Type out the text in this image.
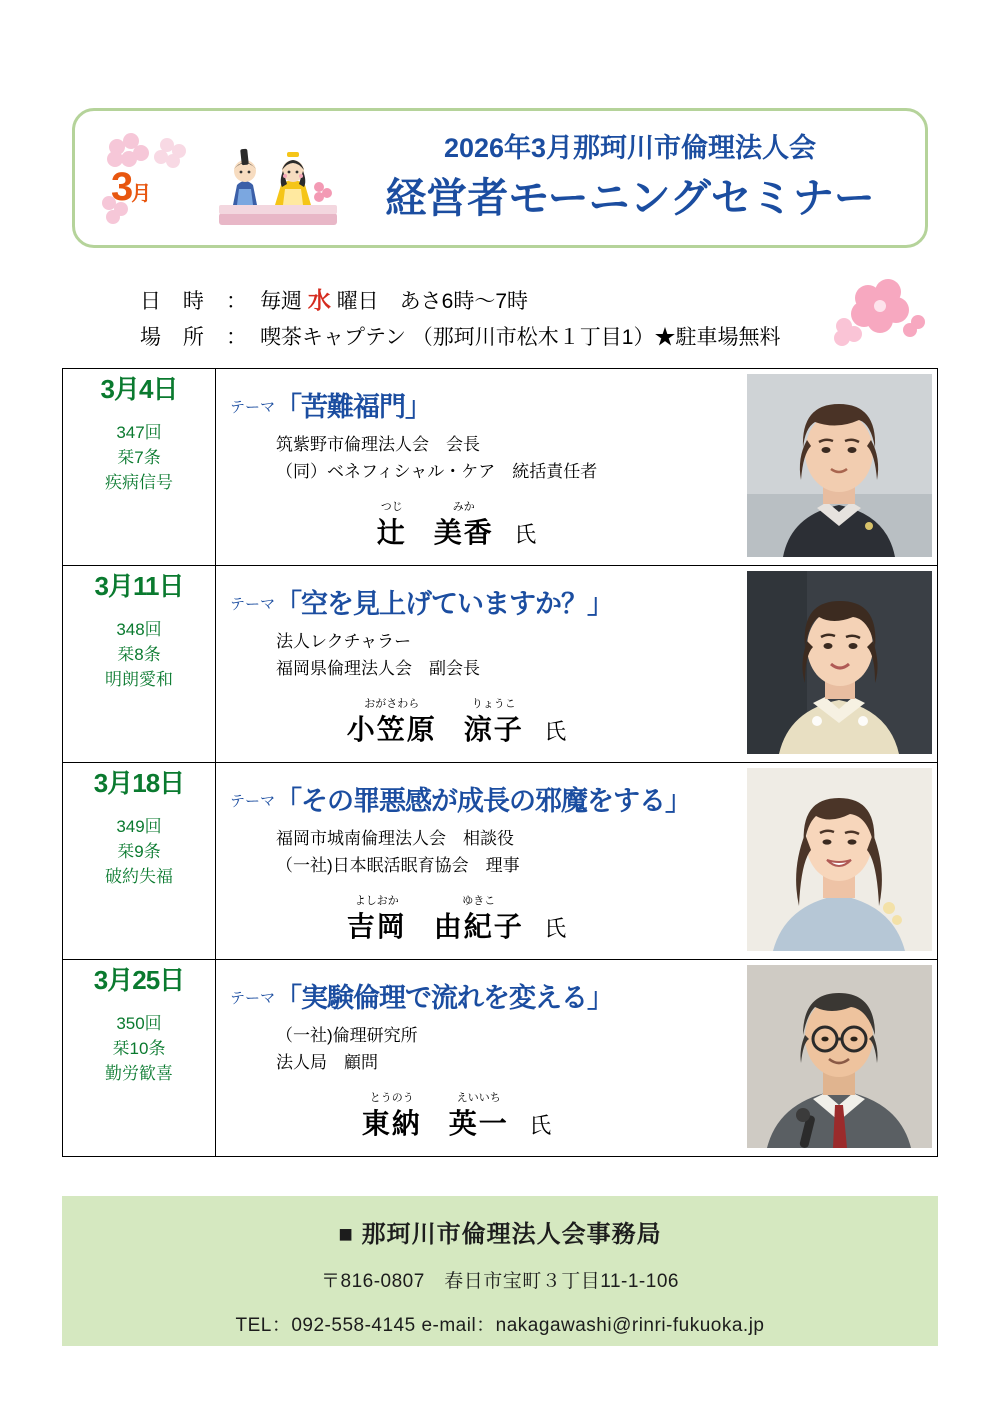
3月
2026年3月那珂川市倫理法人会
経営者モーニングセミナー
日 時 ： 毎週 水 曜日　あさ6時〜7時
場 所 ： 喫茶キャプテン （那珂川市松木１丁目1）★駐車場無料
3月4日
347回
栞7条
疾病信号

テーマ「苦難福門」
筑紫野市倫理法人会　会長
（同）ベネフィシャル・ケア　統括責任者
つじ
辻
みか
美香 氏

3月11日
348回
栞8条
明朗愛和

テーマ「空を見上げていますか？」
法人レクチャラー
福岡県倫理法人会　副会長
おがさわら
小笠原
りょうこ
涼子 氏

3月18日
349回
栞9条
破約失福

テーマ「その罪悪感が成長の邪魔をする」
福岡市城南倫理法人会　相談役
（一社)日本眠活眠育協会　理事
よしおか
吉岡
ゆきこ
由紀子 氏

3月25日
350回
栞10条
勤労歓喜

テーマ「実験倫理で流れを変える」
（一社)倫理研究所
法人局　顧問
とうのう
東納
えいいち
英一 氏
■ 那珂川市倫理法人会事務局
〒816-0807　春日市宝町３丁目11-1-106
TEL：092-558-4145 e-mail：nakagawashi@rinri-fukuoka.jp
